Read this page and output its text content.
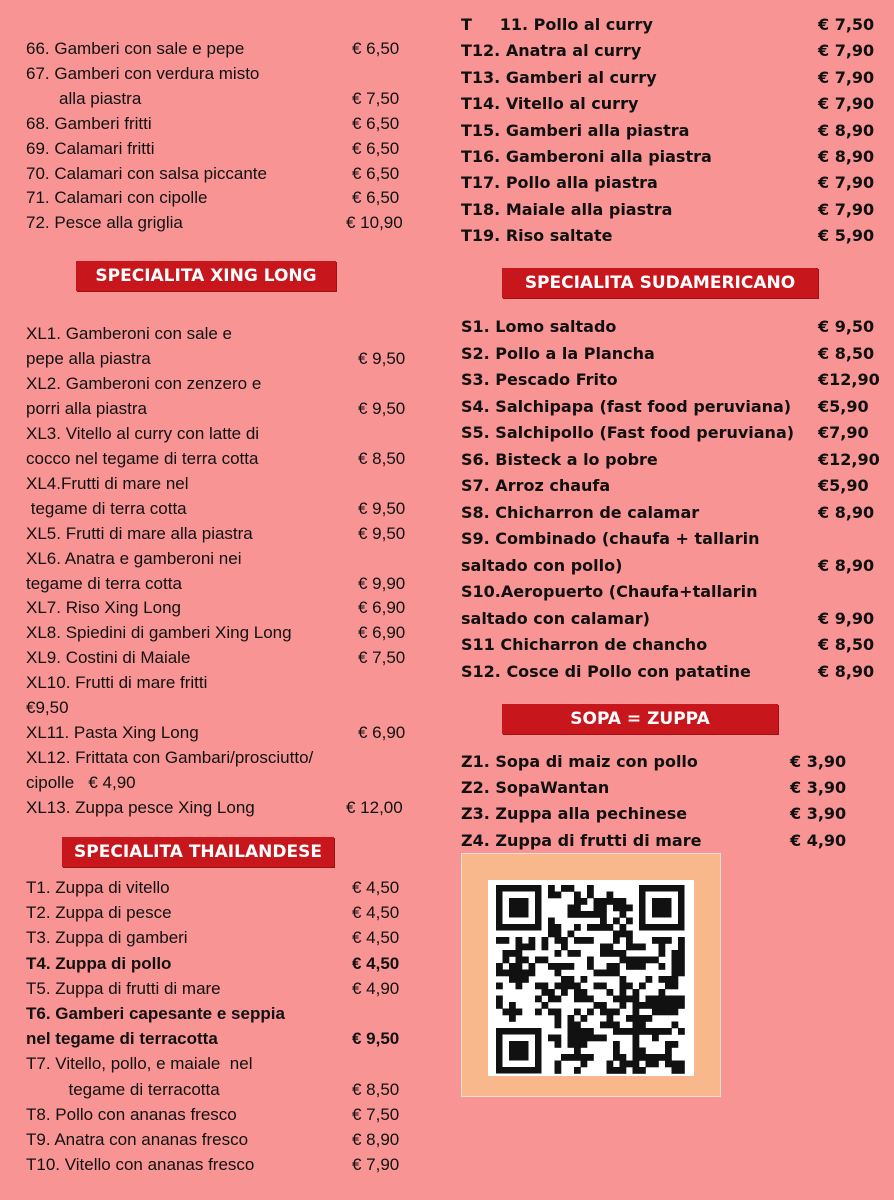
66. Gamberi con sale e pepe	€ 6,50
67. Gamberi con verdura misto
alla piastra	€ 7,50
68. Gamberi fritti	€ 6,50
69. Calamari fritti	€ 6,50
70. Calamari con salsa piccante	€ 6,50
71. Calamari con cipolle	€ 6,50
72. Pesce alla griglia	€ 10,90
XL1. Gamberoni con sale e
pepe alla piastra	€ 9,50
XL2. Gamberoni con zenzero e
porri alla piastra	€ 9,50
XL3. Vitello al curry con latte di
cocco nel tegame di terra cotta	€ 8,50
XL4.Frutti di mare nel
tegame di terra cotta	€ 9,50
XL5. Frutti di mare alla piastra	€ 9,50
XL6. Anatra e gamberoni nei
tegame di terra cotta	€ 9,90
XL7. Riso Xing Long	€ 6,90
XL8. Spiedini di gamberi Xing Long	€ 6,90
XL9. Costini di Maiale	€ 7,50
XL10. Frutti di mare fritti
€9,50
XL11. Pasta Xing Long	€ 6,90
XL12. Frittata con Gambari/prosciutto/
cipolle   € 4,90
XL13. Zuppa pesce Xing Long	€ 12,00
T1. Zuppa di vitello	€ 4,50
T2. Zuppa di pesce	€ 4,50
T3. Zuppa di gamberi	€ 4,50
T4. Zuppa di pollo	€ 4,50
T5. Zuppa di frutti di mare	€ 4,90
T6. Gamberi capesante e seppia
nel tegame di terracotta	€ 9,50
T7. Vitello, pollo, e maiale  nel
tegame di terracotta	€ 8,50
T8. Pollo con ananas fresco	€ 7,50
T9. Anatra con ananas fresco	€ 8,90
T10. Vitello con ananas fresco	€ 7,90
T     11. Pollo al curry	€ 7,50
T12. Anatra al curry	€ 7,90
T13. Gamberi al curry	€ 7,90
T14. Vitello al curry	€ 7,90
T15. Gamberi alla piastra	€ 8,90
T16. Gamberoni alla piastra	€ 8,90
T17. Pollo alla piastra	€ 7,90
T18. Maiale alla piastra	€ 7,90
T19. Riso saltate	€ 5,90
S1. Lomo saltado	€ 9,50
S2. Pollo a la Plancha	€ 8,50
S3. Pescado Frito	€12,90
S4. Salchipapa (fast food peruviana) €5,90
S5. Salchipollo (Fast food peruviana) €7,90
S6. Bisteck a lo pobre	€12,90
S7. Arroz chaufa	€5,90
S8. Chicharron de calamar	€ 8,90
S9. Combinado (chaufa + tallarin
saltado con pollo)	€ 8,90
S10.Aeropuerto (Chaufa+tallarin
saltado con calamar)	€ 9,90
S11 Chicharron de chancho	€ 8,50
S12. Cosce di Pollo con patatine	€ 8,90
Z1. Sopa di maiz con pollo	€ 3,90
Z2. SopaWantan	€ 3,90
Z3. Zuppa alla pechinese	€ 3,90
Z4. Zuppa di frutti di mare	€ 4,90
SPECIALITA XING LONG
SPECIALITA THAILANDESE
SPECIALITA SUDAMERICANO
SOPA = ZUPPA
